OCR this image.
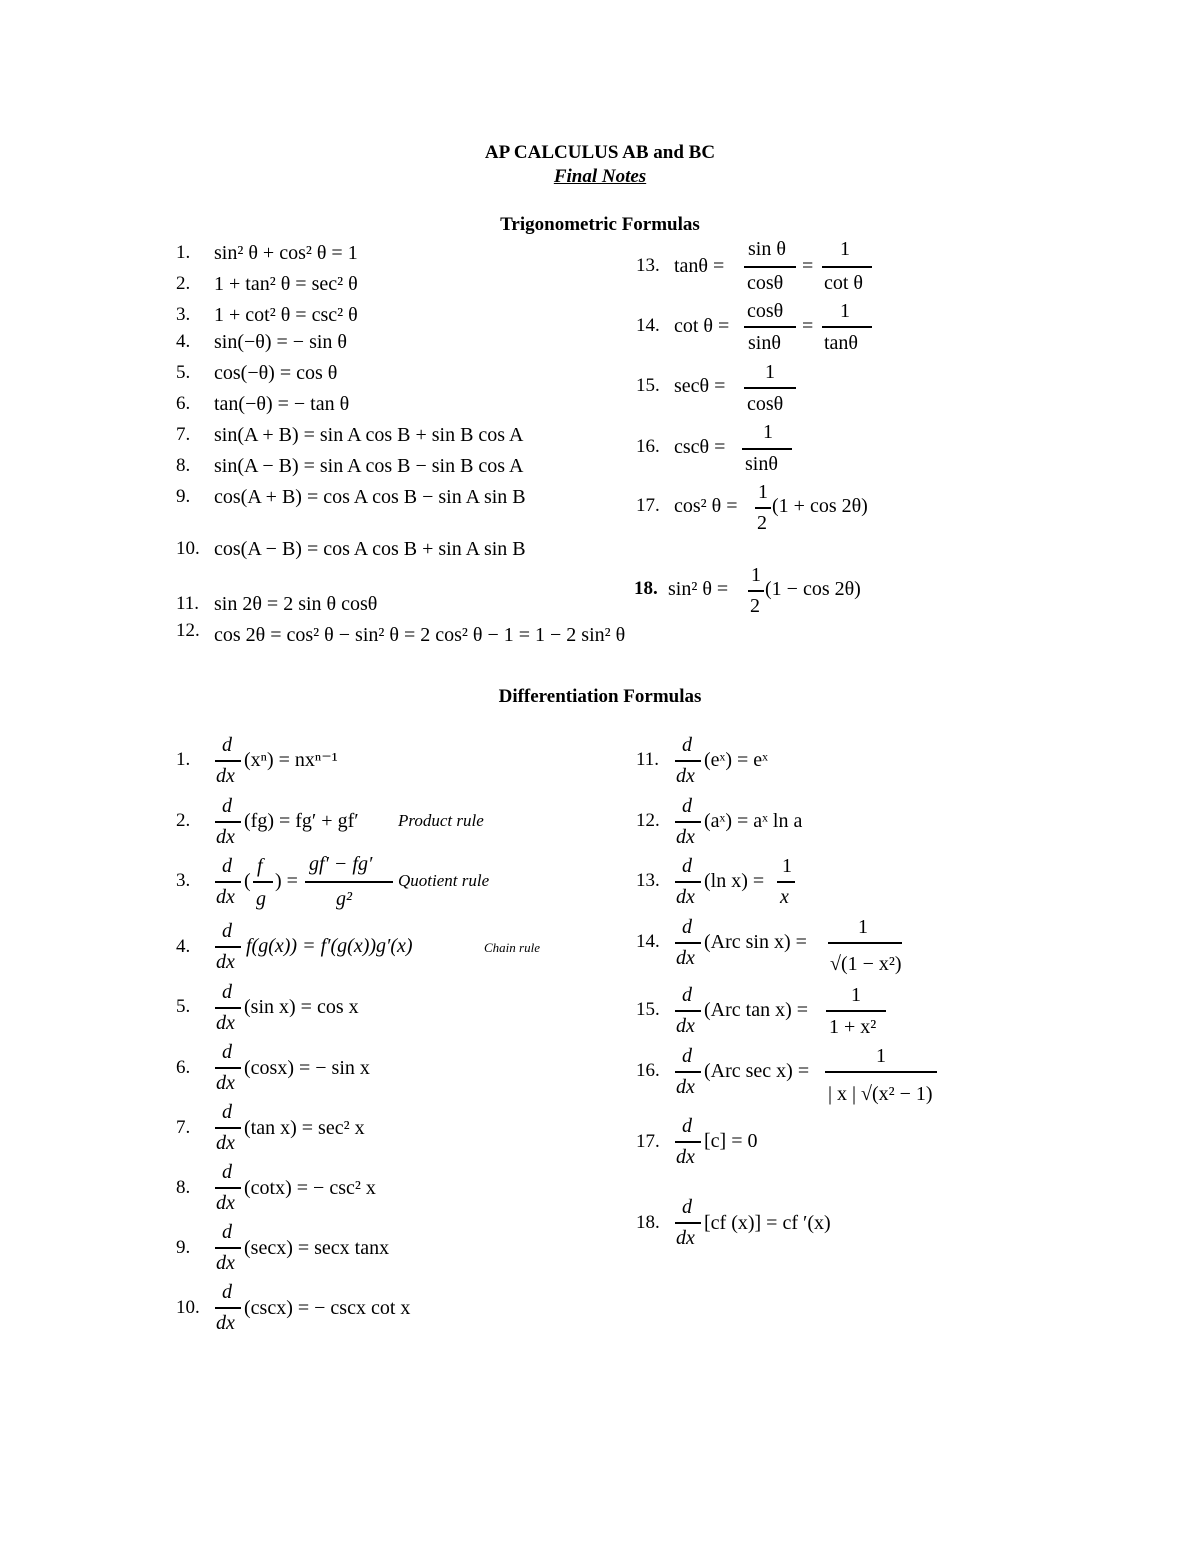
AP CALCULUS AB and BC
Final Notes
Trigonometric Formulas
1. sin² θ + cos² θ = 1
2. 1 + tan² θ = sec² θ
3. 1 + cot² θ = csc² θ
4. sin(−θ) = − sin θ
5. cos(−θ) = cos θ
6. tan(−θ) = − tan θ
7. sin(A + B) = sin A cos B + sin B cos A
8. sin(A − B) = sin A cos B − sin B cos A
9. cos(A + B) = cos A cos B − sin A sin B
10. cos(A − B) = cos A cos B + sin A sin B
11. sin 2θ = 2 sin θ cosθ
12. cos 2θ = cos² θ − sin² θ = 2 cos² θ − 1 = 1 − 2 sin² θ
13. tanθ =
sin θ
cosθ
=
1
cot θ
14. cot θ =
cosθ
sinθ
=
1
tanθ
15. secθ =
1
cosθ
16. cscθ =
1
sinθ
17. cos² θ =
1
2
(1 + cos 2θ)
18. sin² θ =
1
2
(1 − cos 2θ)
Differentiation Formulas
1.
d
dx
(xⁿ) = nxⁿ⁻¹
2.
d
dx
(fg) = fg′ + gf′ Product rule
3.
d
dx
(
f
g
) =
gf′ − fg′
g²
Quotient rule
4.
d
dx
f(g(x)) = f′(g(x))g′(x)	Chain rule
5.
d
dx
(sin x) = cos x
6.
d
dx
(cosx) = − sin x
7.
d
dx
(tan x) = sec² x
8.
d
dx
(cotx) = − csc² x
9.
d
dx
(secx) = secx tanx
10.
d
dx
(cscx) = − cscx cot x
11.
d
dx
(eˣ) = eˣ
12.
d
dx
(aˣ) = aˣ ln a
13.
d
dx
(ln x) =
1
x
14.
d
dx
(Arc sin x) =
1
√(1 − x²)
15.
d
dx
(Arc tan x) =
1
1 + x²
16.
d
dx
(Arc sec x) =
1
| x | √(x² − 1)
17.
d
dx
[c] = 0
18.
d
dx
[cf (x)] = cf ′(x)
